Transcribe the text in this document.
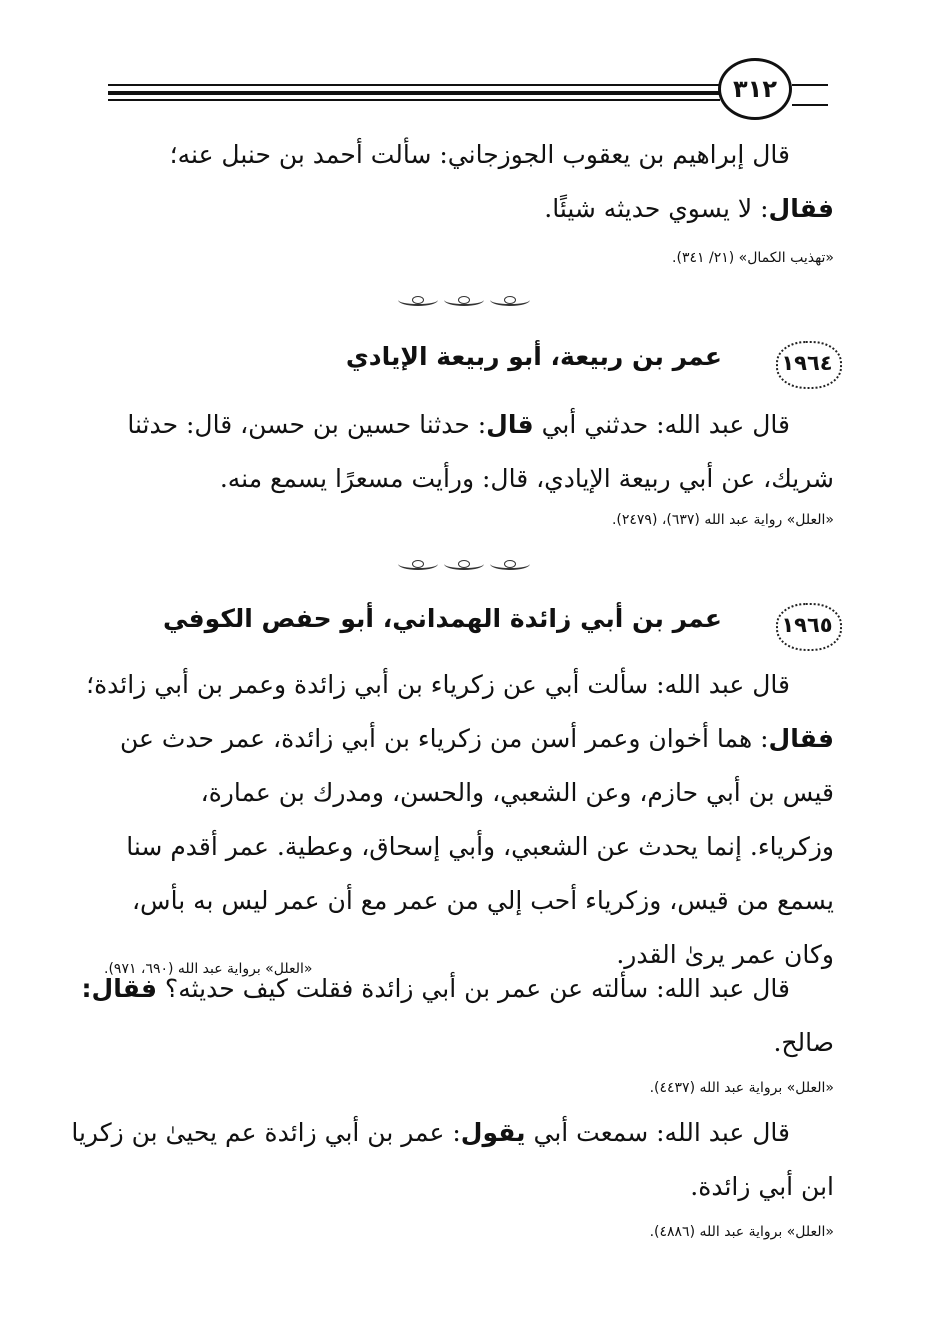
٣١٢
قال إبراهيم بن يعقوب الجوزجاني: سألت أحمد بن حنبل عنه؛
فقال: لا يسوي حديثه شيئًا.
«تهذيب الكمال» (٢١/ ٣٤١).
١٩٦٤
عمر بن ربيعة، أبو ربيعة الإيادي
قال عبد الله: حدثني أبي قال: حدثنا حسين بن حسن، قال: حدثنا
شريك، عن أبي ربيعة الإيادي، قال: ورأيت مسعرًا يسمع منه.
«العلل» رواية عبد الله (٦٣٧)، (٢٤٧٩).
١٩٦٥
عمر بن أبي زائدة الهمداني، أبو حفص الكوفي
قال عبد الله: سألت أبي عن زكرياء بن أبي زائدة وعمر بن أبي زائدة؛
فقال: هما أخوان وعمر أسن من زكرياء بن أبي زائدة، عمر حدث عن
قيس بن أبي حازم، وعن الشعبي، والحسن، ومدرك بن عمارة،
وزكرياء. إنما يحدث عن الشعبي، وأبي إسحاق، وعطية. عمر أقدم سنا
يسمع من قيس، وزكرياء أحب إلي من عمر مع أن عمر ليس به بأس،
وكان عمر يرىٰ القدر.
«العلل» برواية عبد الله (٦٩٠، ٩٧١).
قال عبد الله: سألته عن عمر بن أبي زائدة فقلت كيف حديثه؟ فقال:
صالح.
«العلل» برواية عبد الله (٤٤٣٧).
قال عبد الله: سمعت أبي يقول: عمر بن أبي زائدة عم يحيىٰ بن زكريا
ابن أبي زائدة.
«العلل» برواية عبد الله (٤٨٨٦).
